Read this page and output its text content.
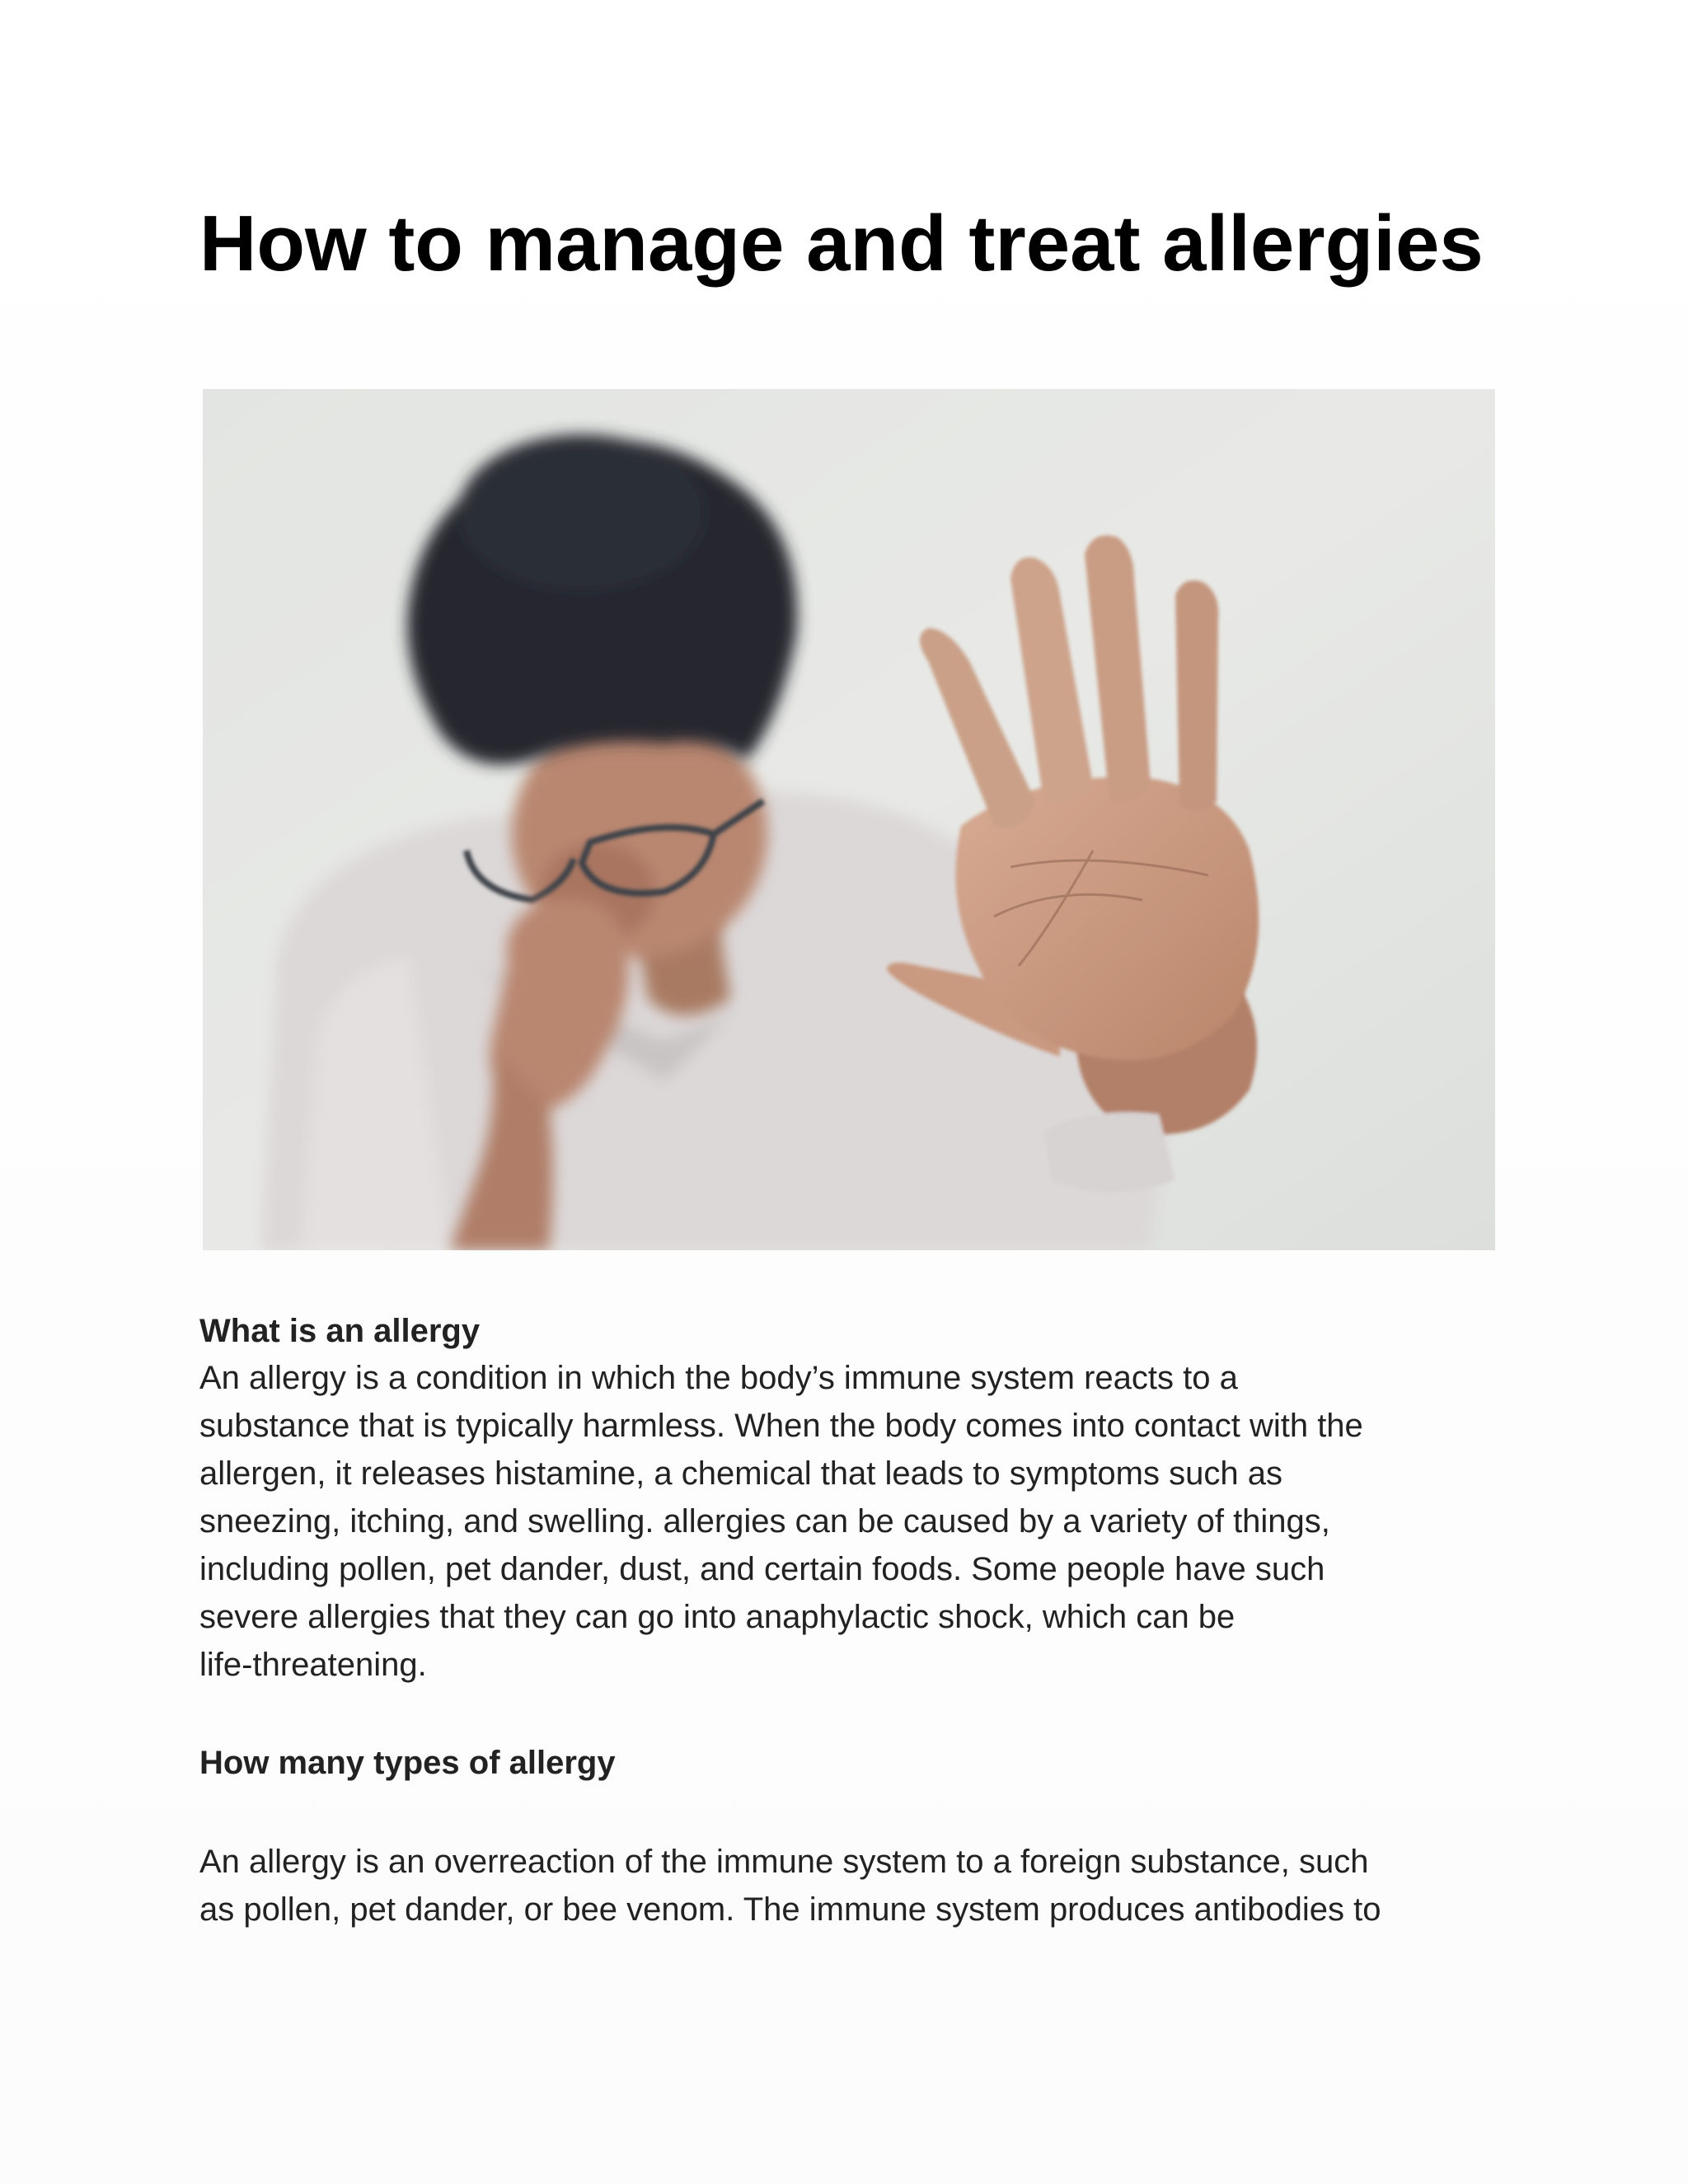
How to manage and treat allergies
What is an allergy

An allergy is a condition in which the body’s immune system reacts to a
substance that is typically harmless. When the body comes into contact with the
allergen, it releases histamine, a chemical that leads to symptoms such as
sneezing, itching, and swelling. allergies can be caused by a variety of things,
including pollen, pet dander, dust, and certain foods. Some people have such
severe allergies that they can go into anaphylactic shock, which can be
life-threatening.

How many types of allergy

An allergy is an overreaction of the immune system to a foreign substance, such
as pollen, pet dander, or bee venom. The immune system produces antibodies to
